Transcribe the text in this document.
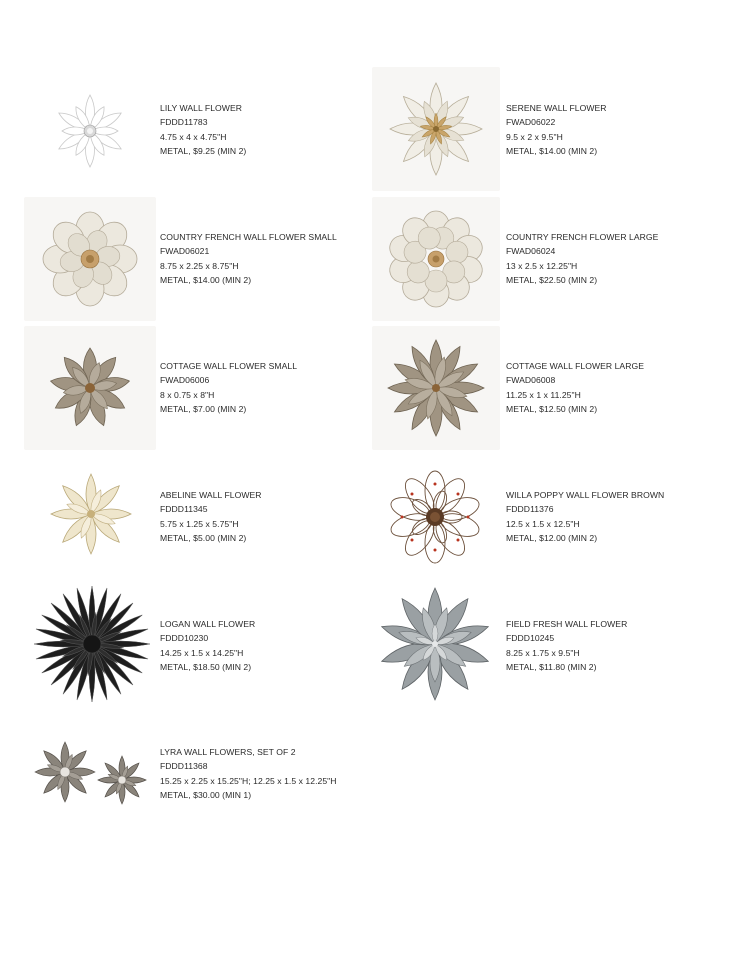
LILY WALL FLOWER
FDDD11783
4.75 x 4 x 4.75"H
METAL, $9.25 (MIN 2)
SERENE WALL FLOWER
FWAD06022
9.5 x 2 x 9.5"H
METAL, $14.00 (MIN 2)
COUNTRY FRENCH WALL FLOWER SMALL
FWAD06021
8.75 x 2.25 x 8.75"H
METAL, $14.00 (MIN 2)
COUNTRY FRENCH FLOWER LARGE
FWAD06024
13 x 2.5 x 12.25"H
METAL, $22.50 (MIN 2)
COTTAGE WALL FLOWER SMALL
FWAD06006
8 x 0.75 x 8"H
METAL, $7.00 (MIN 2)
COTTAGE WALL FLOWER LARGE
FWAD06008
11.25 x 1 x 11.25"H
METAL, $12.50 (MIN 2)
ABELINE WALL FLOWER
FDDD11345
5.75 x 1.25 x 5.75"H
METAL, $5.00 (MIN 2)
WILLA POPPY WALL FLOWER BROWN
FDDD11376
12.5 x 1.5 x 12.5"H
METAL, $12.00 (MIN 2)
LOGAN WALL FLOWER
FDDD10230
14.25 x 1.5 x 14.25"H
METAL, $18.50 (MIN 2)
FIELD FRESH WALL FLOWER
FDDD10245
8.25 x 1.75 x 9.5"H
METAL, $11.80 (MIN 2)
LYRA WALL FLOWERS, SET OF 2
FDDD11368
15.25 x 2.25 x 15.25"H; 12.25 x 1.5 x 12.25"H
METAL, $30.00 (MIN 1)
